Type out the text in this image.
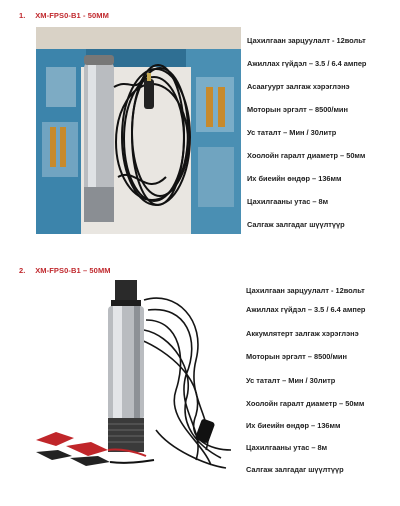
1. XM-FPS0-B1 - 50MM
Цахилгаан зарцуулалт - 12вольт
Ажиллах гүйдэл – 3.5 / 6.4 ампер
Асаагуурт залгаж хэрэглэнэ
Моторын эргэлт – 8500/мин
Ус таталт – Мин / 30литр
Хоолойн гаралт диаметр – 50мм
Их биеийн өндөр – 136мм
Цахилгааны утас – 8м
Салгаж залгадаг шүүлтүүр
2. XM-FPS0-B1 – 50MM
Цахилгаан зарцуулалт - 12вольт
Ажиллах гүйдэл – 3.5 / 6.4 ампер
Аккумлятерт залгаж хэрэглэнэ
Моторын эргэлт – 8500/мин
Ус таталт – Мин / 30литр
Хоолойн гаралт диаметр – 50мм
Их биеийн өндөр – 136мм
Цахилгааны утас – 8м
Салгаж залгадаг шүүлтүүр
